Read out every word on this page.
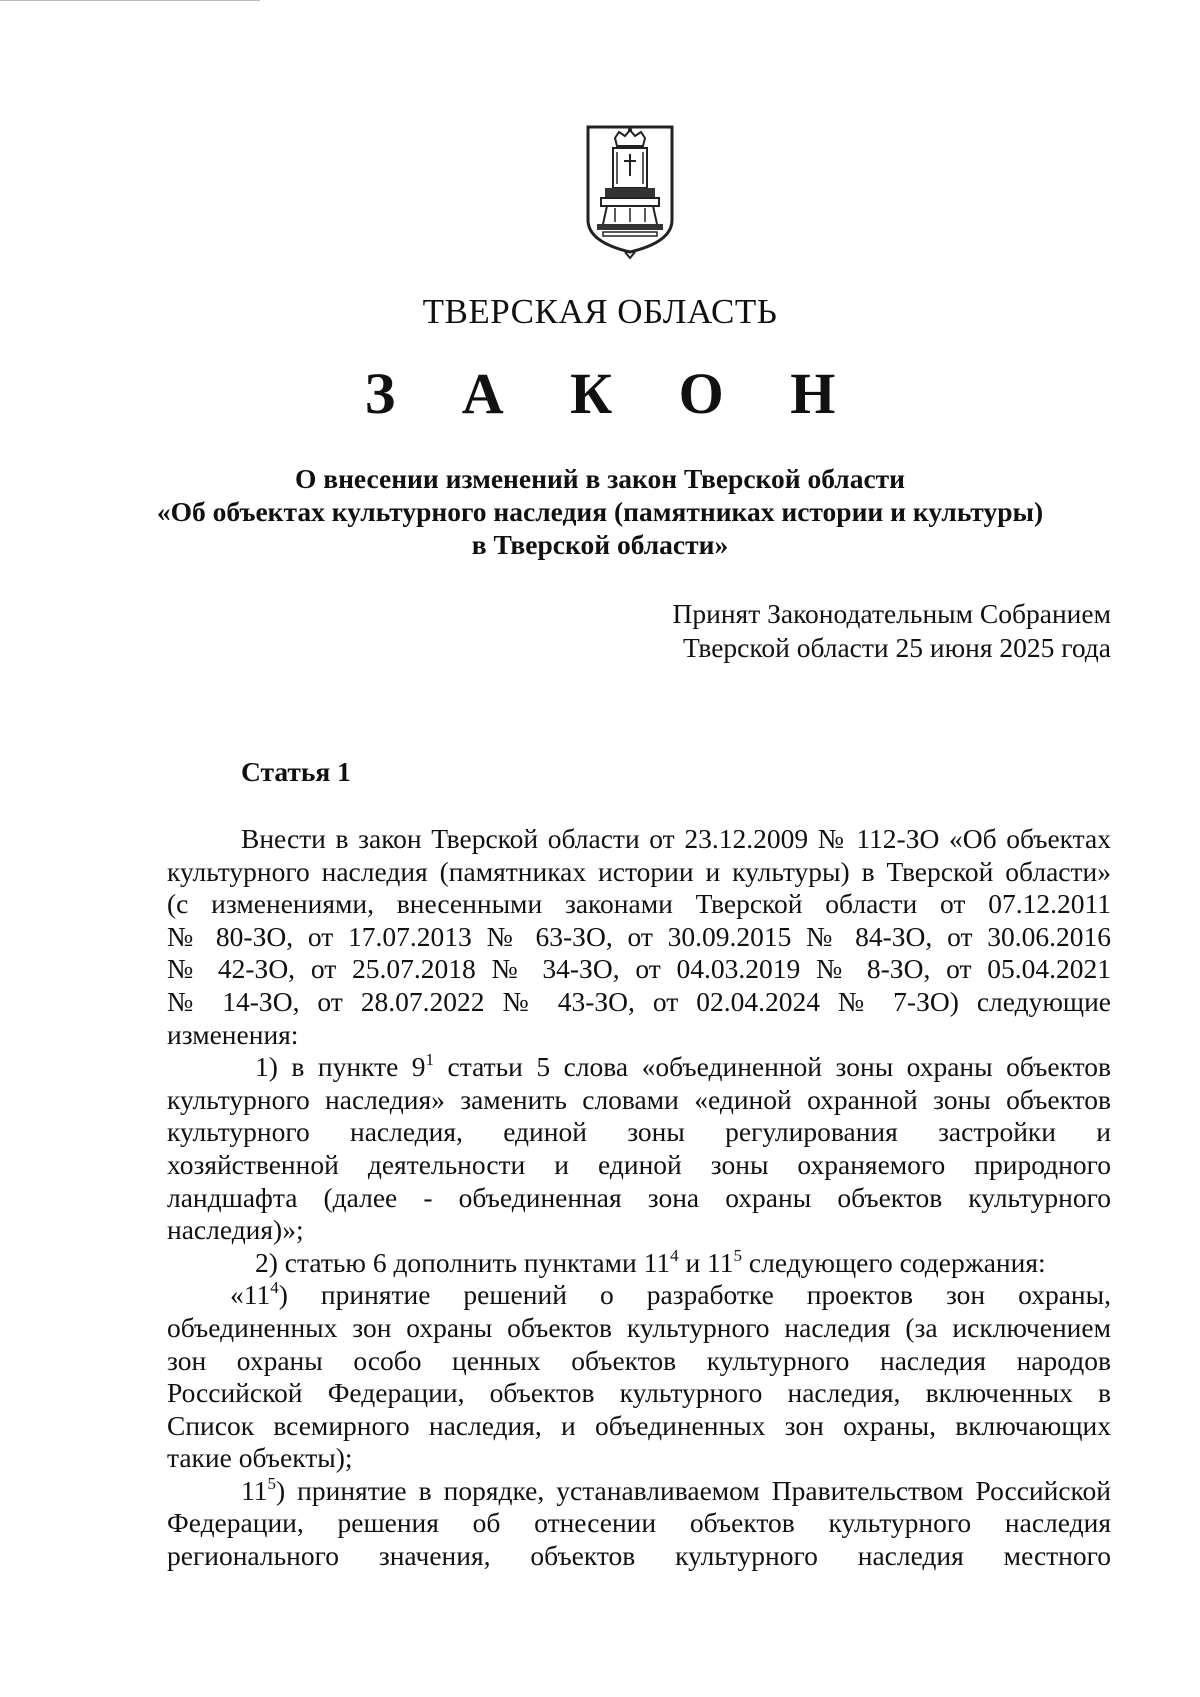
ТВЕРСКАЯ ОБЛАСТЬ
З А К О Н
О внесении изменений в закон Тверской области
«Об объектах культурного наследия (памятниках истории и культуры)
в Тверской области»
Принят Законодательным Собранием
Тверской области 25 июня 2025 года
Статья 1

Внести в закон Тверской области от 23.12.2009 № 112-ЗО «Об объектах

культурного наследия (памятниках истории и культуры) в Тверской области»

(с изменениями, внесенными законами Тверской области от 07.12.2011

№ 80-ЗО, от 17.07.2013 № 63-ЗО, от 30.09.2015 № 84-ЗО, от 30.06.2016

№ 42-ЗО, от 25.07.2018 № 34-ЗО, от 04.03.2019 № 8-ЗО, от 05.04.2021

№ 14-ЗО, от 28.07.2022 № 43-ЗО, от 02.04.2024 № 7-ЗО) следующие

изменения:

1) в пункте $9^1$ статьи 5 слова «объединенной зоны охраны объектов

культурного наследия» заменить словами «единой охранной зоны объектов

культурного наследия, единой зоны регулирования застройки и

хозяйственной деятельности и единой зоны охраняемого природного

ландшафта (далее - объединенная зона охраны объектов культурного

наследия)»;

2) статью 6 дополнить пунктами $11^4$ и $11^5$ следующего содержания:

«$11^4$) принятие решений о разработке проектов зон охраны,

объединенных зон охраны объектов культурного наследия (за исключением

зон охраны особо ценных объектов культурного наследия народов

Российской Федерации, объектов культурного наследия, включенных в

Список всемирного наследия, и объединенных зон охраны, включающих

такие объекты);

$11^5$) принятие в порядке, устанавливаемом Правительством Российской

Федерации, решения об отнесении объектов культурного наследия

регионального значения, объектов культурного наследия местного
